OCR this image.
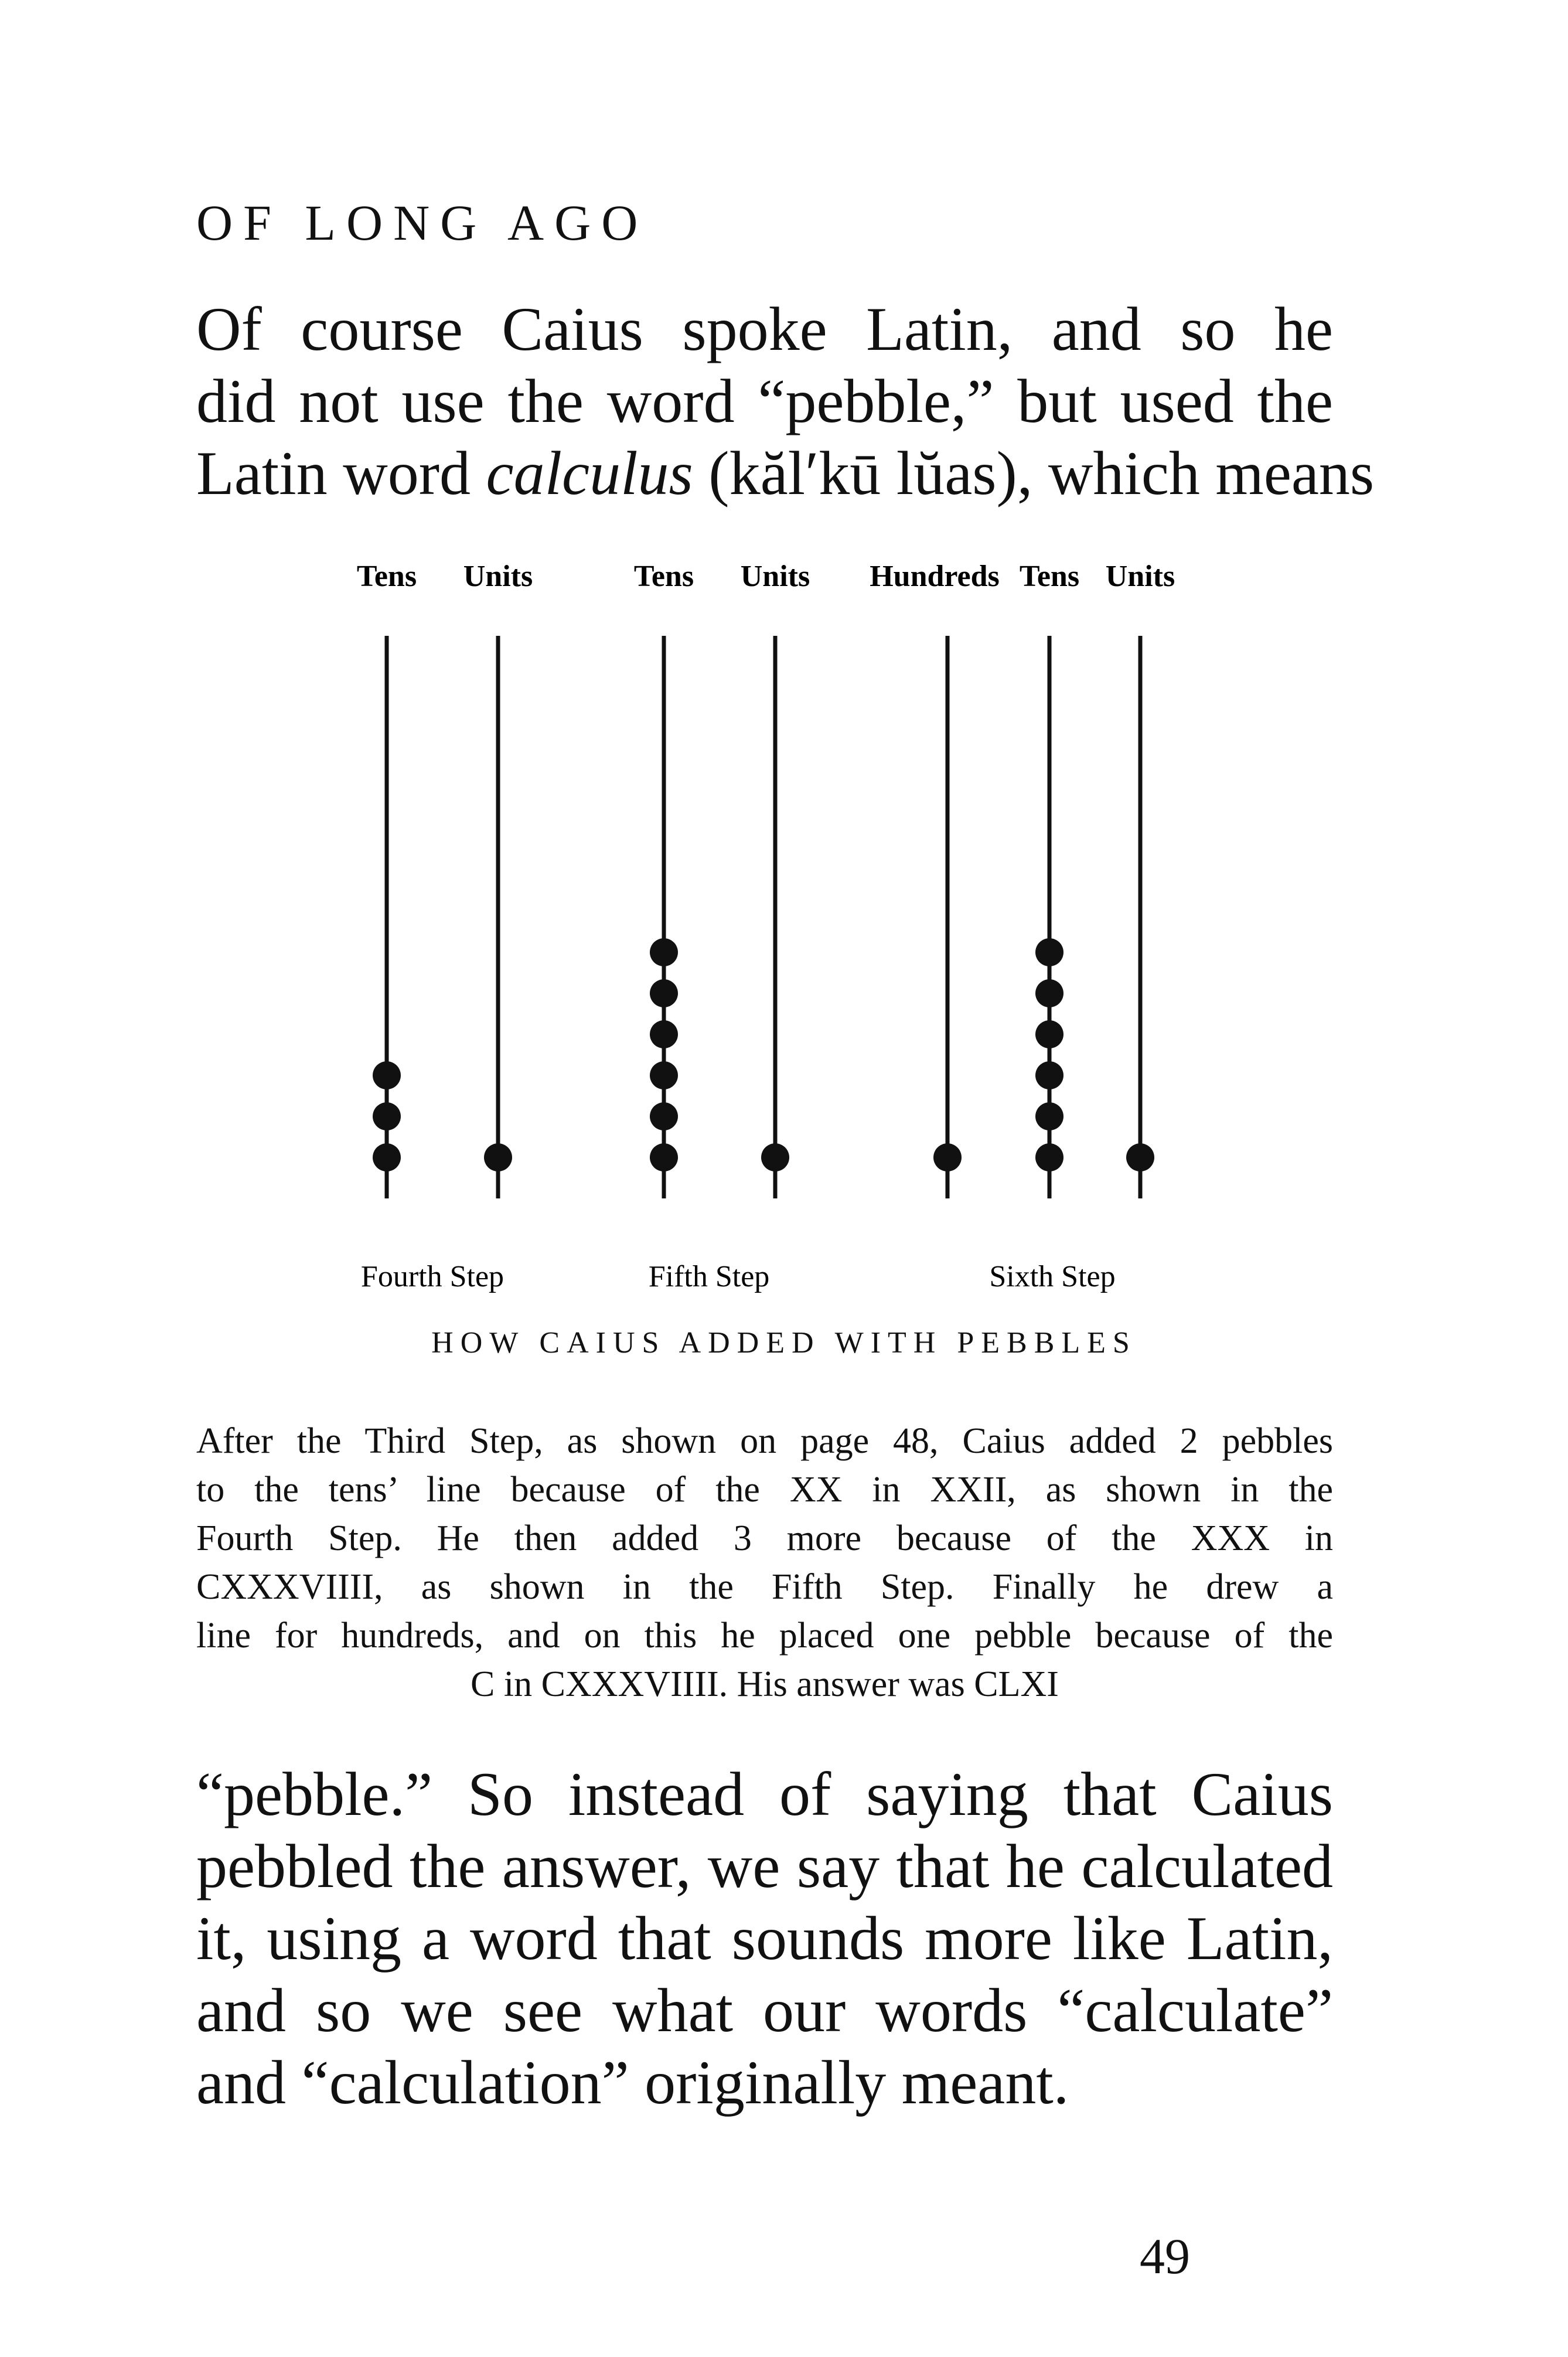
OF LONG AGO
Of course Caius spoke Latin, and so he
did not use the word “pebble,” but used the
Latin word calculus (kăl′kū lŭas), which means
Tens Units	Tens Units Hundreds Tens Units
Fourth Step	Fifth Step	Sixth Step
HOW CAIUS ADDED WITH PEBBLES
After the Third Step, as shown on page 48, Caius added 2 pebbles
to the tens’ line because of the XX in XXII, as shown in the
Fourth Step. He then added 3 more because of the XXX in
CXXXVIIII, as shown in the Fifth Step. Finally he drew a
line for hundreds, and on this he placed one pebble because of the
C in CXXXVIIII. His answer was CLXI
“pebble.” So instead of saying that Caius
pebbled the answer, we say that he calculated
it, using a word that sounds more like Latin,
and so we see what our words “calculate”
and “calculation” originally meant.
49
